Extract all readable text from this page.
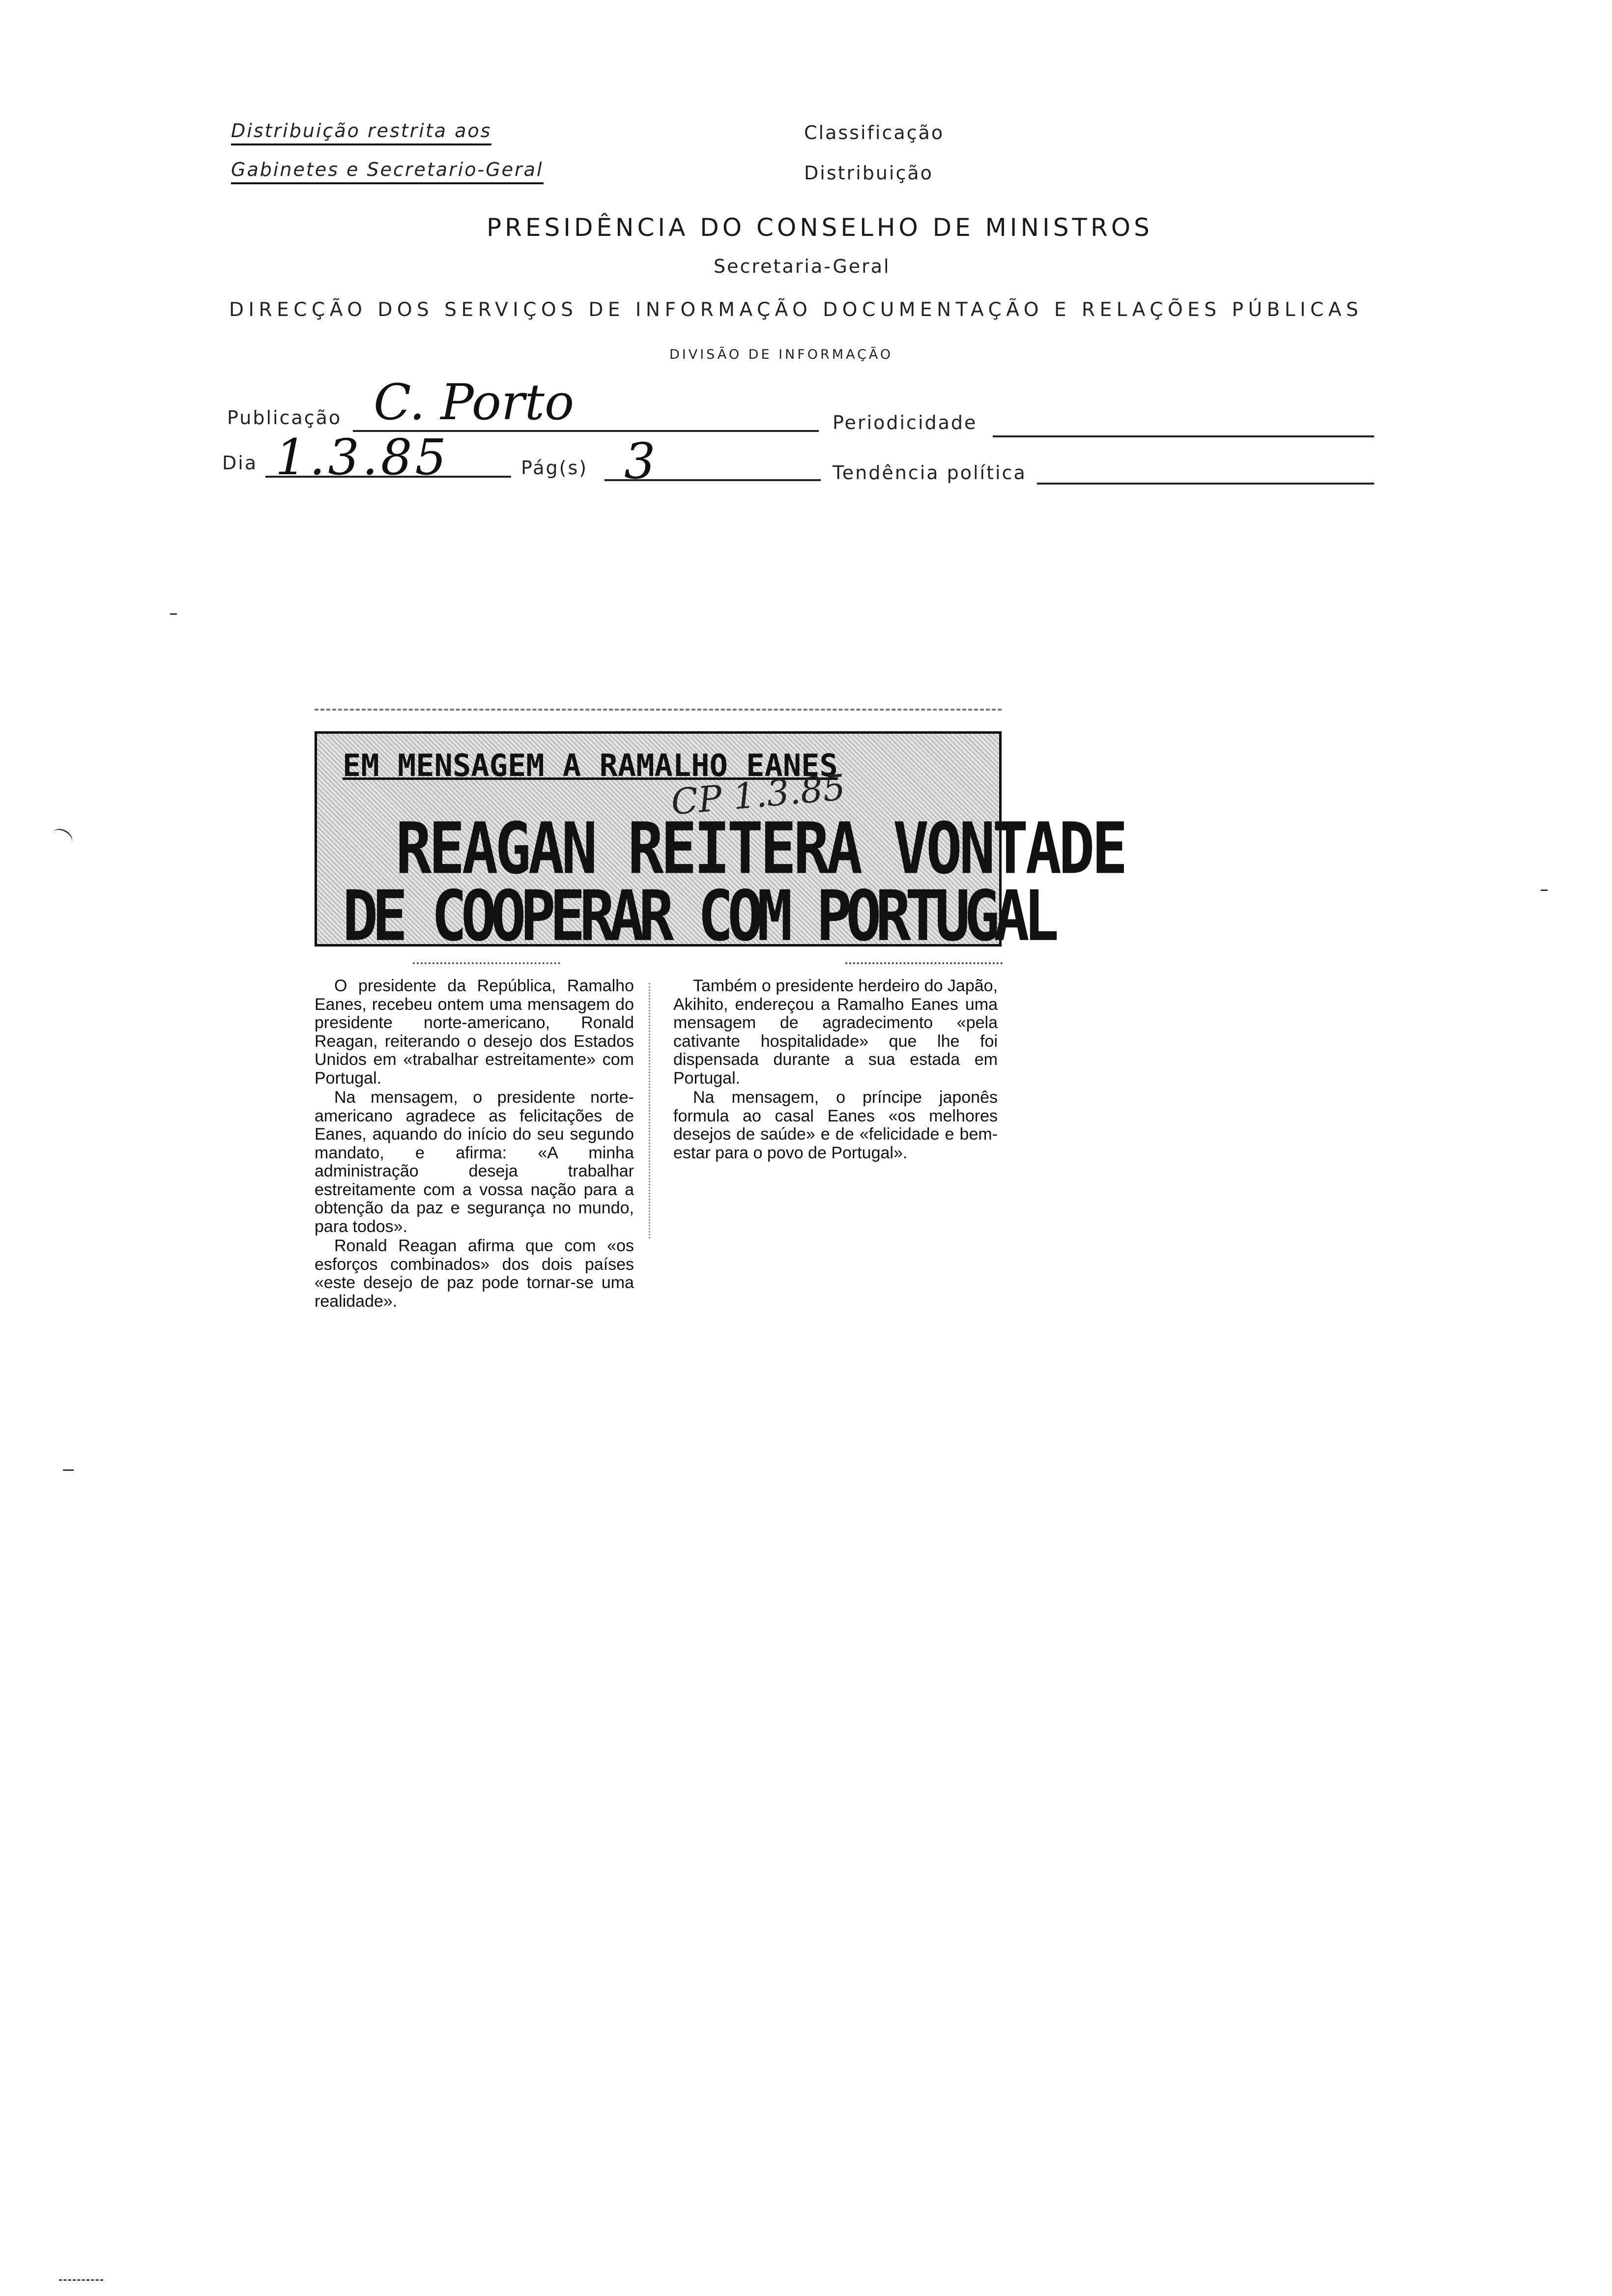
Distribuição restrita aos
Gabinetes e Secretario-Geral
Classificação
Distribuição
PRESIDÊNCIA DO CONSELHO DE MINISTROS
Secretaria-Geral
DIRECÇÃO DOS SERVIÇOS DE INFORMAÇÃO DOCUMENTAÇÃO E RELAÇÕES PÚBLICAS
DIVISÃO DE INFORMAÇÃO
Publicação C. Porto	Periodicidade
Dia 1.3.85	Pág(s) 3	Tendência política
EM MENSAGEM A RAMALHO EANES
CP 1.3.85
REAGAN REITERA VONTADE
DE COOPERAR COM PORTUGAL

O presidente da República, Ramalho Eanes, recebeu ontem uma mensagem do presidente norte-americano, Ronald Reagan, reiterando o desejo dos Estados Unidos em «trabalhar estreitamente» com Portugal.

Na mensagem, o presidente norte-americano agradece as felicitações de Eanes, aquando do início do seu segundo mandato, e afirma: «A minha administração deseja trabalhar estreitamente com a vossa nação para a obtenção da paz e segurança no mundo, para todos».

Ronald Reagan afirma que com «os esforços combinados» dos dois países «este desejo de paz pode tornar-se uma realidade».

Também o presidente herdeiro do Japão, Akihito, endereçou a Ramalho Eanes uma mensagem de agradecimento «pela cativante hospitalidade» que lhe foi dispensada durante a sua estada em Portugal.

Na mensagem, o príncipe japonês formula ao casal Eanes «os melhores desejos de saúde» e de «felicidade e bem-estar para o povo de Portugal».
